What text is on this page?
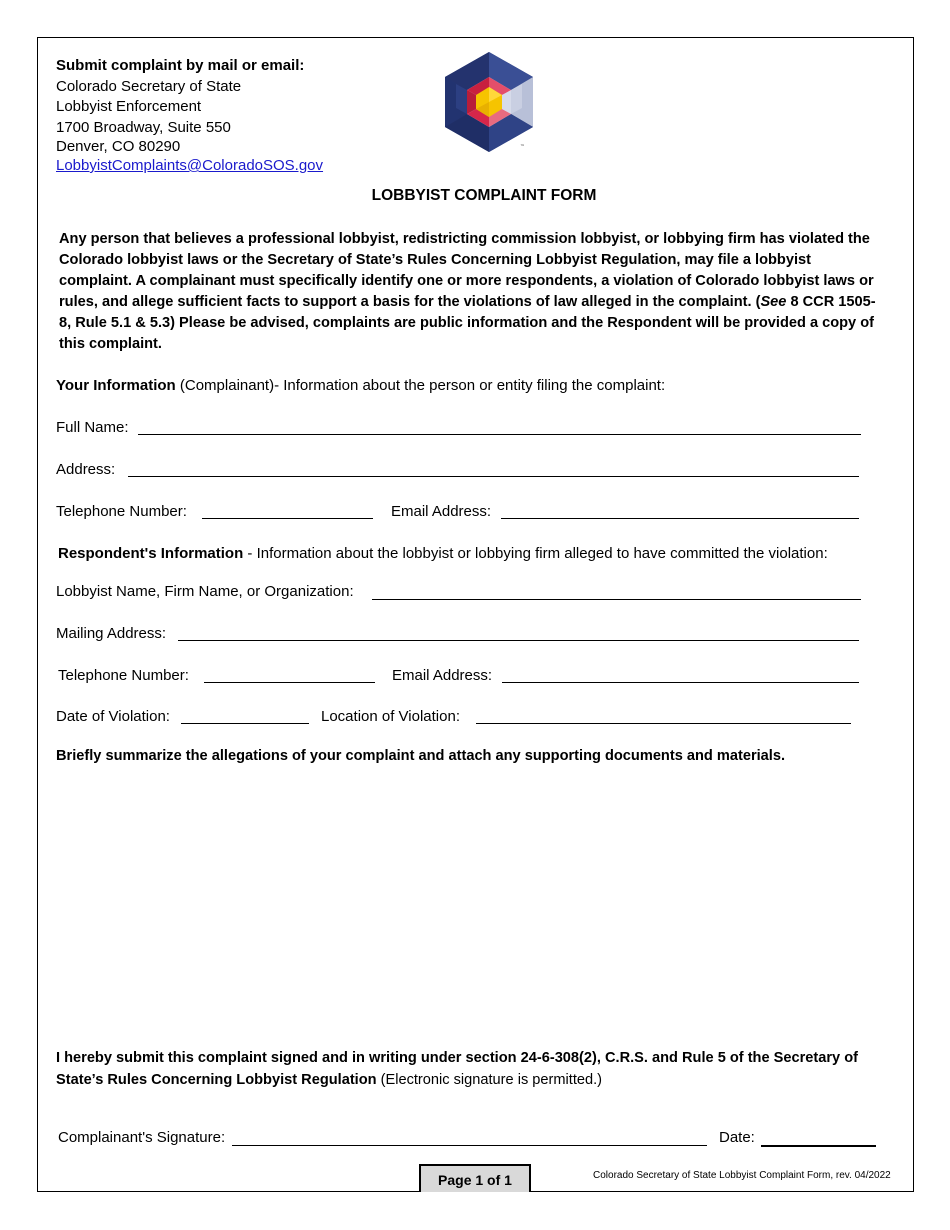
Submit complaint by mail or email:
Colorado Secretary of State
Lobbyist Enforcement
1700 Broadway, Suite 550
Denver, CO 80290
LobbyistComplaints@ColoradoSOS.gov
™
LOBBYIST COMPLAINT FORM
Any person that believes a professional lobbyist, redistricting commission lobbyist, or lobbying firm has violated the Colorado lobbyist laws or the Secretary of State’s Rules Concerning Lobbyist Regulation, may file a lobbyist complaint. A complainant must specifically identify one or more respondents, a violation of Colorado lobbyist laws or rules, and allege sufficient facts to support a basis for the violations of law alleged in the complaint. (See 8 CCR 1505-8, Rule 5.1 & 5.3) Please be advised, complaints are public information and the Respondent will be provided a copy of this complaint.
Your Information (Complainant)- Information about the person or entity filing the complaint:
Full Name:
Address:
Telephone Number:	Email Address:
Respondent's Information - Information about the lobbyist or lobbying firm alleged to have committed the violation:
Lobbyist Name, Firm Name, or Organization:
Mailing Address:
Telephone Number:	Email Address:
Date of Violation:	Location of Violation:
Briefly summarize the allegations of your complaint and attach any supporting documents and materials.
I hereby submit this complaint signed and in writing under section 24-6-308(2), C.R.S. and Rule 5 of the Secretary of State’s Rules Concerning Lobbyist Regulation (Electronic signature is permitted.)
Complainant's Signature:	Date:
Page 1 of 1	Colorado Secretary of State Lobbyist Complaint Form, rev. 04/2022
